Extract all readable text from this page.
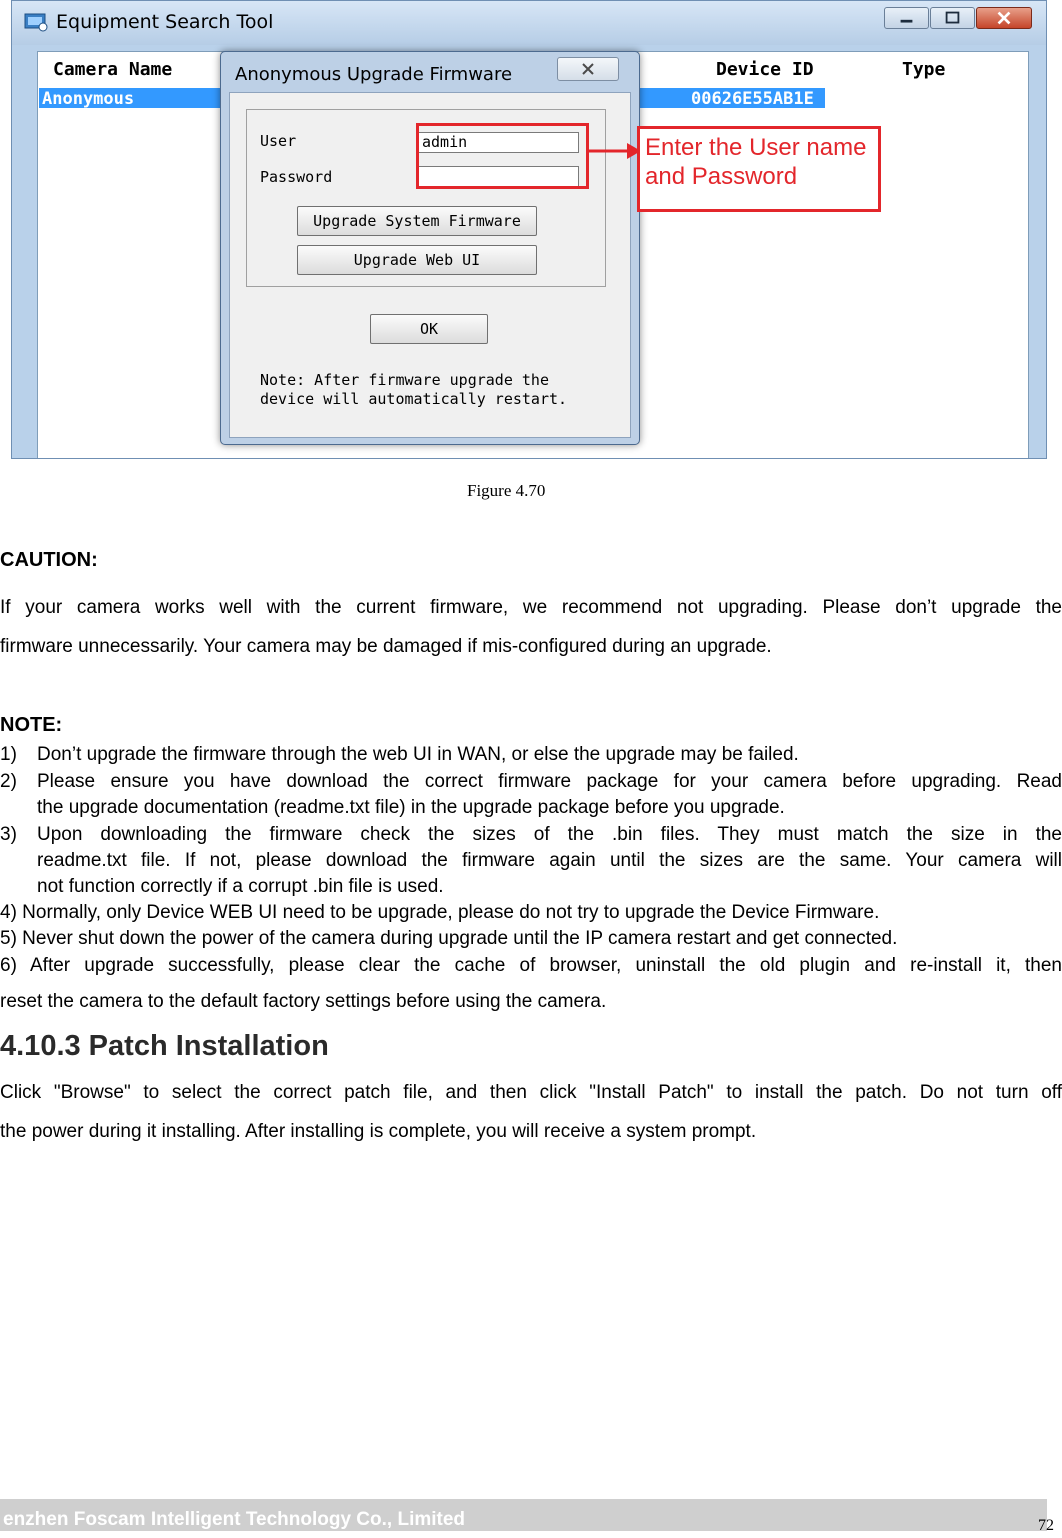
Equipment Search Tool
Camera Name	Device ID	Type
Anonymous	00626E55AB1E	IPC
Anonymous Upgrade Firmware
User	admin
Password
Upgrade System Firmware
Upgrade Web UI
OK
Note: After firmware upgrade the
device will automatically restart.
Enter the User name
and Password
Figure 4.70
CAUTION:
If your camera works well with the current firmware, we recommend not upgrading. Please don’t upgrade the
firmware unnecessarily. Your camera may be damaged if mis-configured during an upgrade.
NOTE:
1) Don’t upgrade the firmware through the web UI in WAN, or else the upgrade may be failed.
2) Please ensure you have download the correct firmware package for your camera before upgrading. Read
the upgrade documentation (readme.txt file) in the upgrade package before you upgrade.
3) Upon downloading the firmware check the sizes of the .bin files. They must match the size in the
readme.txt file. If not, please download the firmware again until the sizes are the same. Your camera will
not function correctly if a corrupt .bin file is used.
4) Normally, only Device WEB UI need to be upgrade, please do not try to upgrade the Device Firmware.
5) Never shut down the power of the camera during upgrade until the IP camera restart and get connected.
6) After upgrade successfully, please clear the cache of browser, uninstall the old plugin and re-install it, then
reset the camera to the default factory settings before using the camera.
4.10.3 Patch Installation
Click "Browse" to select the correct patch file, and then click "Install Patch" to install the patch. Do not turn off
the power during it installing. After installing is complete, you will receive a system prompt.
enzhen Foscam Intelligent Technology Co., Limited	72
